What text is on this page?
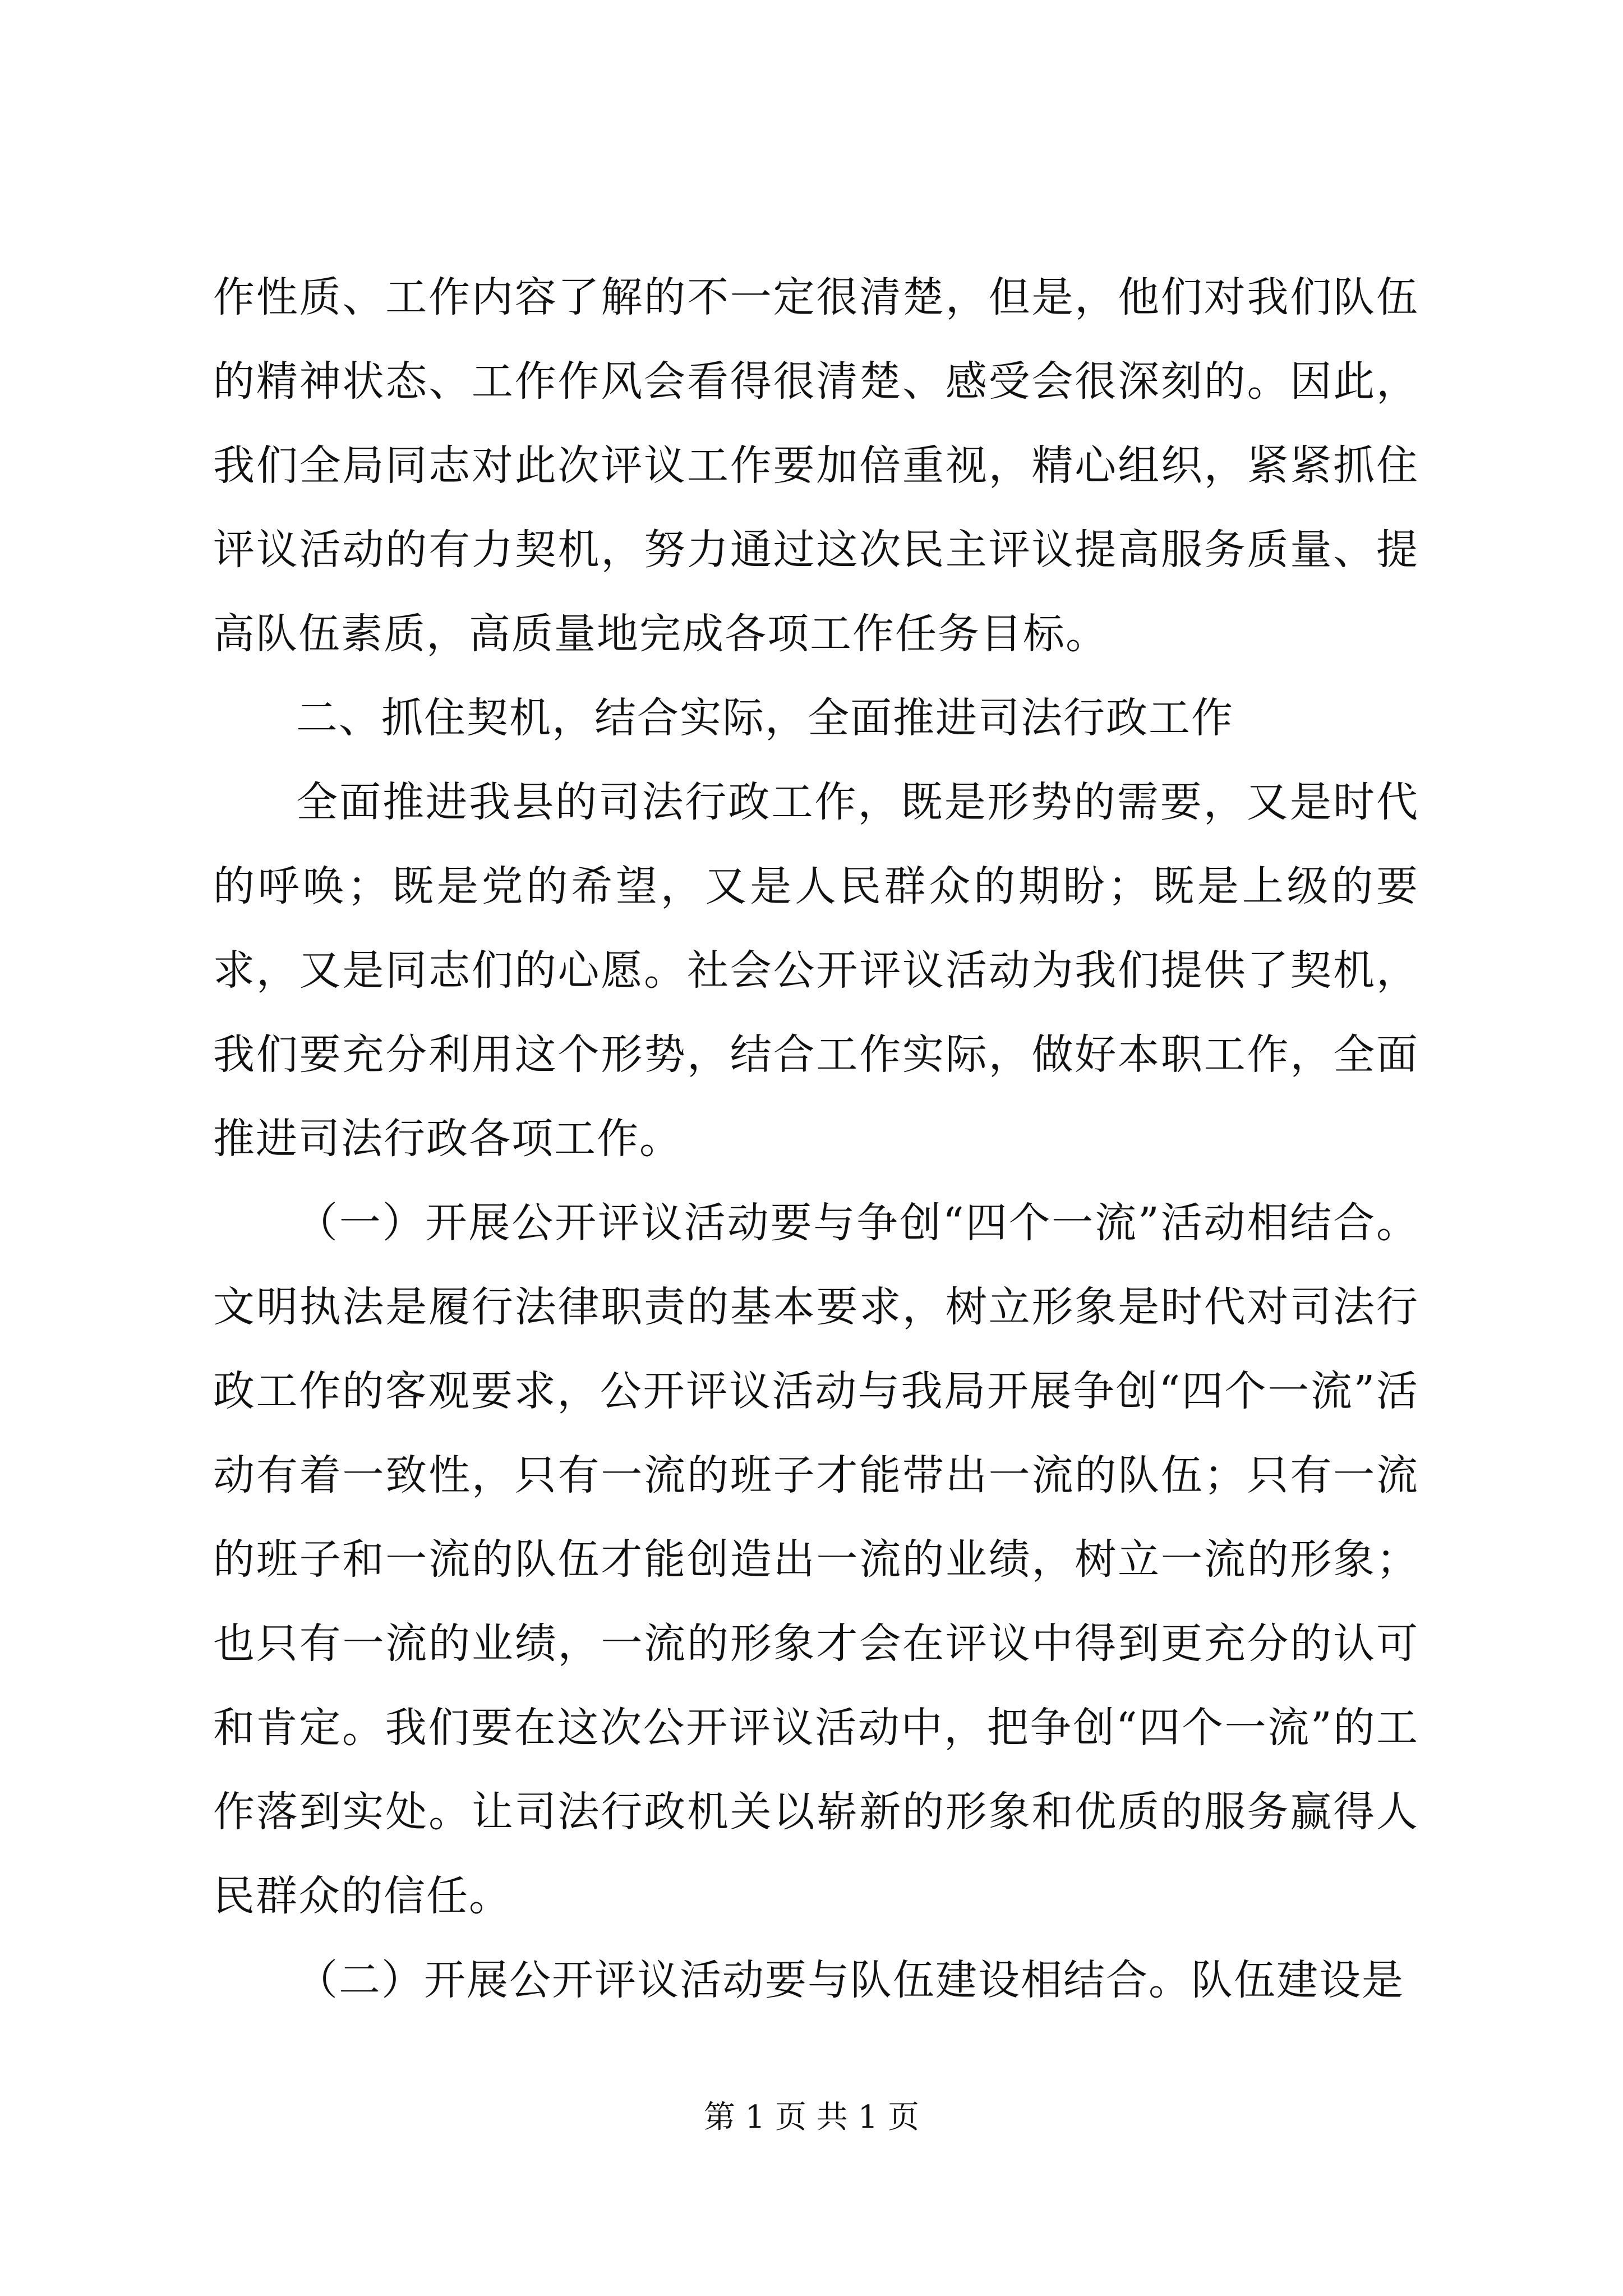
作性质、工作内容了解的不一定很清楚，但是，他们对我们队伍的精神状态、工作作风会看得很清楚、感受会很深刻的。因此，我们全局同志对此次评议工作要加倍重视，精心组织，紧紧抓住评议活动的有力契机，努力通过这次民主评议提高服务质量、提高队伍素质，高质量地完成各项工作任务目标。

二、抓住契机，结合实际，全面推进司法行政工作

全面推进我县的司法行政工作，既是形势的需要，又是时代的呼唤；既是党的希望，又是人民群众的期盼；既是上级的要求，又是同志们的心愿。社会公开评议活动为我们提供了契机，我们要充分利用这个形势，结合工作实际，做好本职工作，全面推进司法行政各项工作。

（一）开展公开评议活动要与争创“四个一流”活动相结合。文明执法是履行法律职责的基本要求，树立形象是时代对司法行政工作的客观要求，公开评议活动与我局开展争创“四个一流”活动有着一致性，只有一流的班子才能带出一流的队伍；只有一流的班子和一流的队伍才能创造出一流的业绩，树立一流的形象；也只有一流的业绩，一流的形象才会在评议中得到更充分的认可和肯定。我们要在这次公开评议活动中，把争创“四个一流”的工作落到实处。让司法行政机关以崭新的形象和优质的服务赢得人民群众的信任。

（二）开展公开评议活动要与队伍建设相结合。队伍建设是

第 1 页 共 1 页
